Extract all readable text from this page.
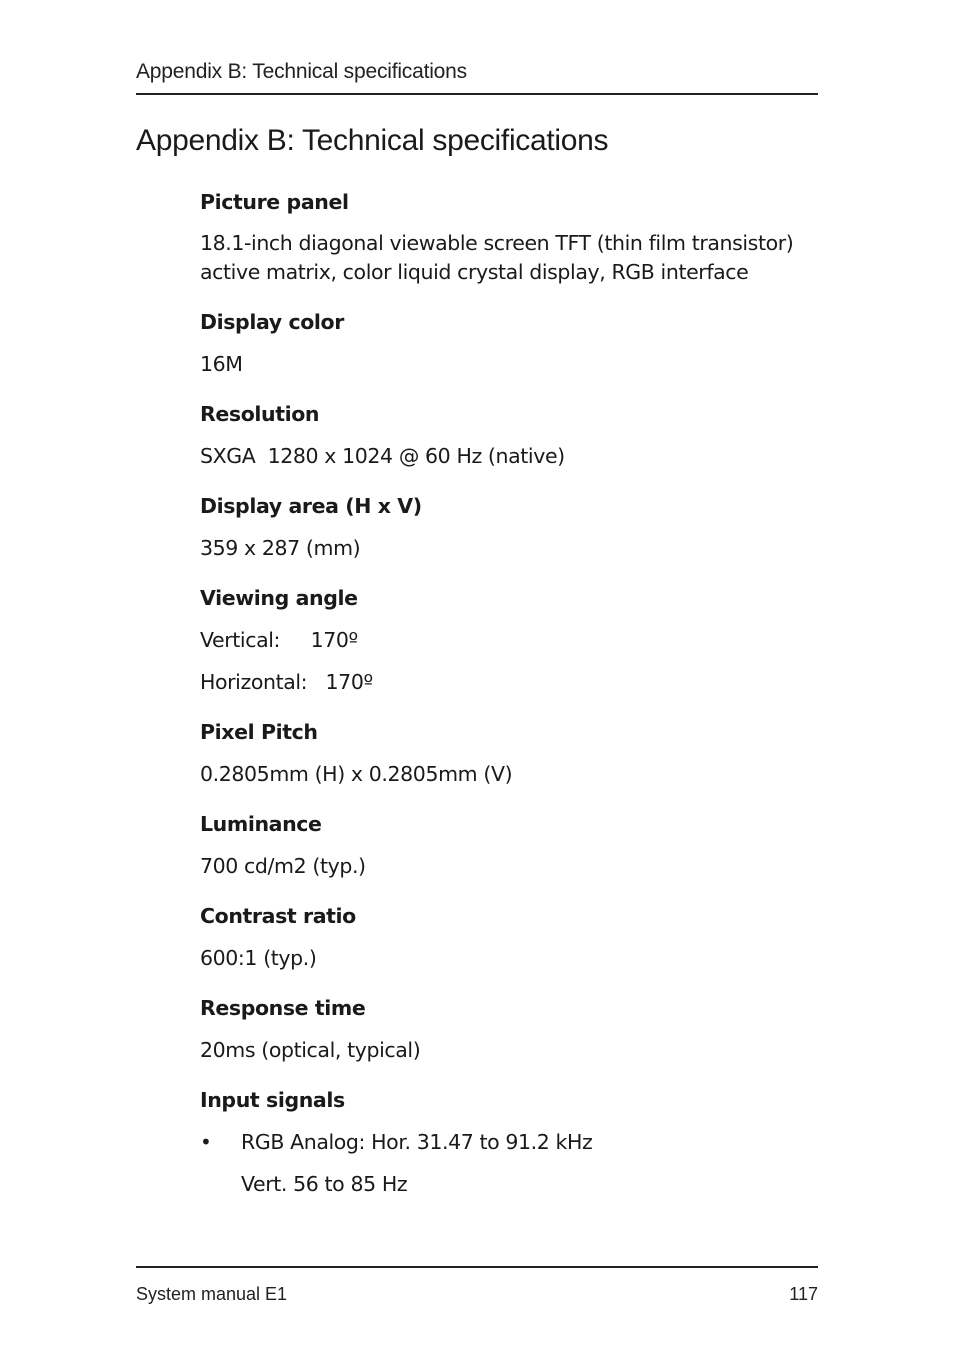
Appendix B: Technical specifications
Appendix B: Technical specifications
Picture panel
18.1-inch diagonal viewable screen TFT (thin film transistor)
active matrix, color liquid crystal display, RGB interface
Display color
16M
Resolution
SXGA  1280 x 1024 @ 60 Hz (native)
Display area (H x V)
359 x 287 (mm)
Viewing angle
Vertical:     170º
Horizontal:   170º
Pixel Pitch
0.2805mm (H) x 0.2805mm (V)
Luminance
700 cd/m2 (typ.)
Contrast ratio
600:1 (typ.)
Response time
20ms (optical, typical)
Input signals
• RGB Analog: Hor. 31.47 to 91.2 kHz
Vert. 56 to 85 Hz
System manual E1	117
